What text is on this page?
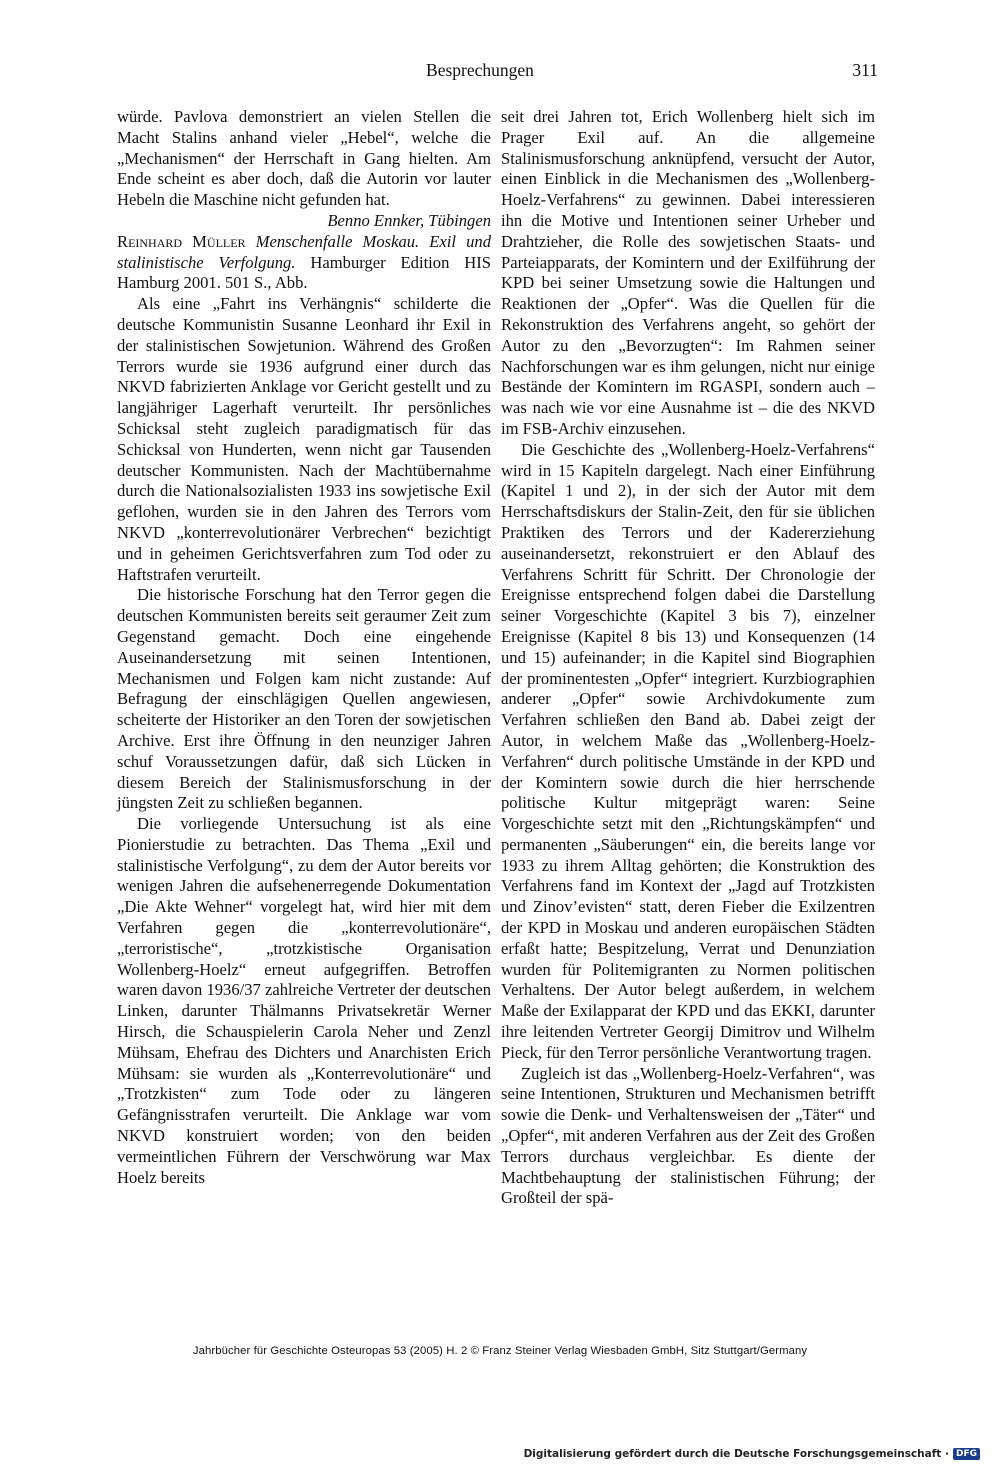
Besprechungen	311

würde. Pavlova demonstriert an vielen Stellen die Macht Stalins anhand vieler „Hebel“, welche die „Mechanismen“ der Herrschaft in Gang hielten. Am Ende scheint es aber doch, daß die Autorin vor lauter Hebeln die Maschine nicht gefunden hat.

Benno Ennker, Tübingen

Reinhard Müller Menschenfalle Moskau. Exil und stalinistische Verfolgung. Hamburger Edition HIS Hamburg 2001. 501 S., Abb.

Als eine „Fahrt ins Verhängnis“ schilderte die deutsche Kommunistin Susanne Leonhard ihr Exil in der stalinistischen Sowjetunion. Während des Großen Terrors wurde sie 1936 aufgrund einer durch das NKVD fabrizierten Anklage vor Gericht gestellt und zu langjähriger Lagerhaft verurteilt. Ihr persönliches Schicksal steht zugleich paradigmatisch für das Schicksal von Hunderten, wenn nicht gar Tausenden deutscher Kommunisten. Nach der Machtübernahme durch die Nationalsozialisten 1933 ins sowjetische Exil geflohen, wurden sie in den Jahren des Terrors vom NKVD „konterrevolutionärer Verbrechen“ bezichtigt und in geheimen Gerichtsverfahren zum Tod oder zu Haftstrafen verurteilt.

Die historische Forschung hat den Terror gegen die deutschen Kommunisten bereits seit geraumer Zeit zum Gegenstand gemacht. Doch eine eingehende Auseinandersetzung mit seinen Intentionen, Mechanismen und Folgen kam nicht zustande: Auf Befragung der einschlägigen Quellen angewiesen, scheiterte der Historiker an den Toren der sowjetischen Archive. Erst ihre Öffnung in den neunziger Jahren schuf Voraussetzungen dafür, daß sich Lücken in diesem Bereich der Stalinismusforschung in der jüngsten Zeit zu schließen begannen.

Die vorliegende Untersuchung ist als eine Pionierstudie zu betrachten. Das Thema „Exil und stalinistische Verfolgung“, zu dem der Autor bereits vor wenigen Jahren die aufsehenerregende Dokumentation „Die Akte Wehner“ vorgelegt hat, wird hier mit dem Verfahren gegen die „konterrevolutionäre“, „terroristische“, „trotzkistische Organisation Wollenberg-Hoelz“ erneut aufgegriffen. Betroffen waren davon 1936/37 zahlreiche Vertreter der deutschen Linken, darunter Thälmanns Privatsekretär Werner Hirsch, die Schauspielerin Carola Neher und Zenzl Mühsam, Ehefrau des Dichters und Anarchisten Erich Mühsam: sie wurden als „Konterrevolutionäre“ und „Trotzkisten“ zum Tode oder zu längeren Gefängnisstrafen verurteilt. Die Anklage war vom NKVD konstruiert worden; von den beiden vermeintlichen Führern der Verschwörung war Max Hoelz bereits

seit drei Jahren tot, Erich Wollenberg hielt sich im Prager Exil auf. An die allgemeine Stalinismusforschung anknüpfend, versucht der Autor, einen Einblick in die Mechanismen des „Wollenberg-Hoelz-Verfahrens“ zu gewinnen. Dabei interessieren ihn die Motive und Intentionen seiner Urheber und Drahtzieher, die Rolle des sowjetischen Staats- und Parteiapparats, der Komintern und der Exilführung der KPD bei seiner Umsetzung sowie die Haltungen und Reaktionen der „Opfer“. Was die Quellen für die Rekonstruktion des Verfahrens angeht, so gehört der Autor zu den „Bevorzugten“: Im Rahmen seiner Nachforschungen war es ihm gelungen, nicht nur einige Bestände der Komintern im RGASPI, sondern auch – was nach wie vor eine Ausnahme ist – die des NKVD im FSB-Archiv einzusehen.

Die Geschichte des „Wollenberg-Hoelz-Verfahrens“ wird in 15 Kapiteln dargelegt. Nach einer Einführung (Kapitel 1 und 2), in der sich der Autor mit dem Herrschaftsdiskurs der Stalin-Zeit, den für sie üblichen Praktiken des Terrors und der Kadererziehung auseinandersetzt, rekonstruiert er den Ablauf des Verfahrens Schritt für Schritt. Der Chronologie der Ereignisse entsprechend folgen dabei die Darstellung seiner Vorgeschichte (Kapitel 3 bis 7), einzelner Ereignisse (Kapitel 8 bis 13) und Konsequenzen (14 und 15) aufeinander; in die Kapitel sind Biographien der prominentesten „Opfer“ integriert. Kurzbiographien anderer „Opfer“ sowie Archivdokumente zum Verfahren schließen den Band ab. Dabei zeigt der Autor, in welchem Maße das „Wollenberg-Hoelz-Verfahren“ durch politische Umstände in der KPD und der Komintern sowie durch die hier herrschende politische Kultur mitgeprägt waren: Seine Vorgeschichte setzt mit den „Richtungskämpfen“ und permanenten „Säuberungen“ ein, die bereits lange vor 1933 zu ihrem Alltag gehörten; die Konstruktion des Verfahrens fand im Kontext der „Jagd auf Trotzkisten und Zinov’evisten“ statt, deren Fieber die Exilzentren der KPD in Moskau und anderen europäischen Städten erfaßt hatte; Bespitzelung, Verrat und Denunziation wurden für Politemigranten zu Normen politischen Verhaltens. Der Autor belegt außerdem, in welchem Maße der Exilapparat der KPD und das EKKI, darunter ihre leitenden Vertreter Georgij Dimitrov und Wilhelm Pieck, für den Terror persönliche Verantwortung tragen.

Zugleich ist das „Wollenberg-Hoelz-Verfahren“, was seine Intentionen, Strukturen und Mechanismen betrifft sowie die Denk- und Verhaltensweisen der „Täter“ und „Opfer“, mit anderen Verfahren aus der Zeit des Großen Terrors durchaus vergleichbar. Es diente der Machtbehauptung der stalinistischen Führung; der Großteil der spä-

Jahrbücher für Geschichte Osteuropas 53 (2005) H. 2 © Franz Steiner Verlag Wiesbaden GmbH, Sitz Stuttgart/Germany
Digitalisierung gefördert durch die Deutsche Forschungsgemeinschaft · DFG
